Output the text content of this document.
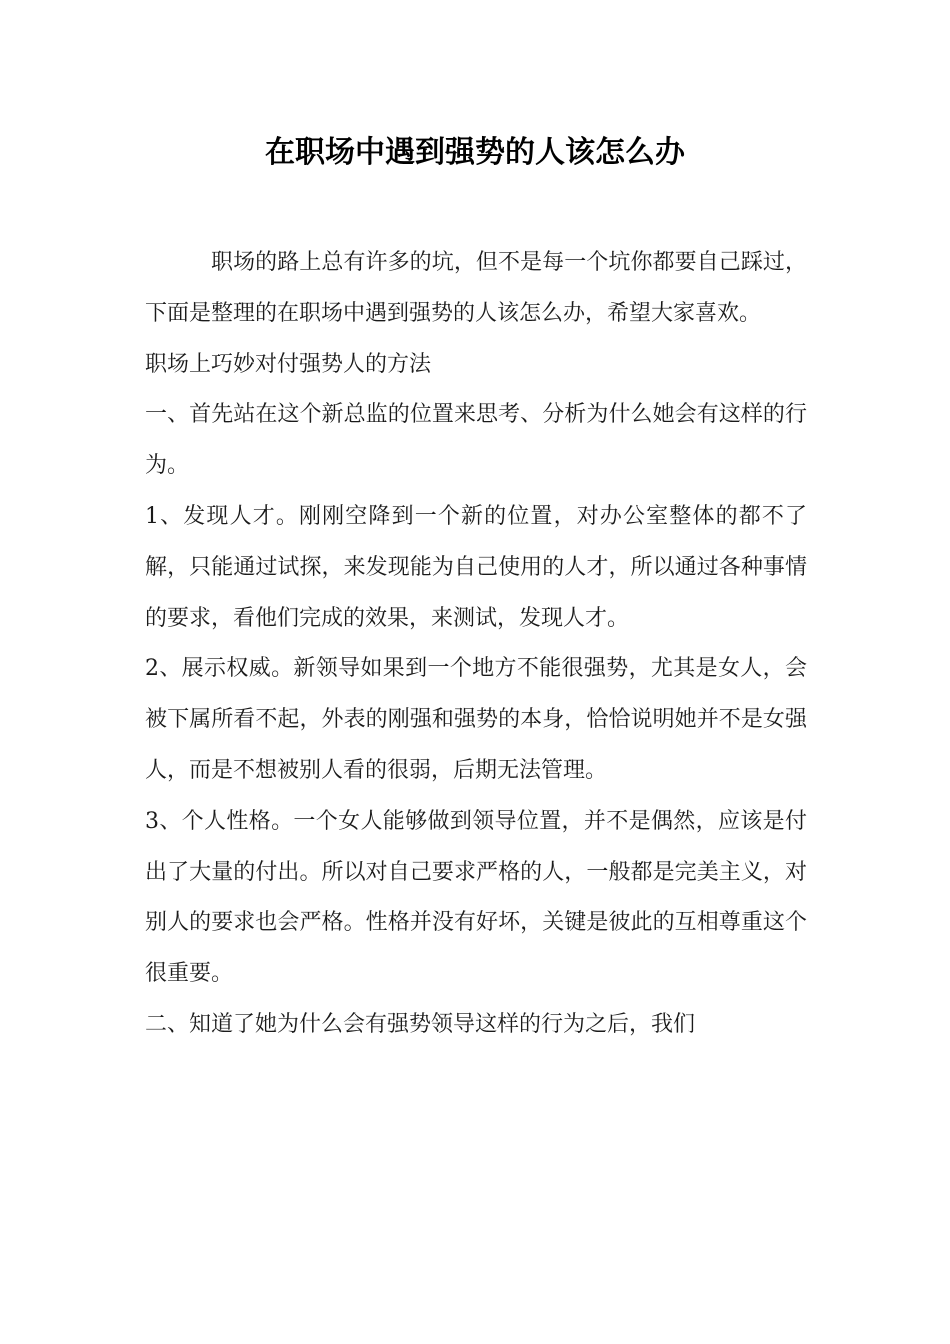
在职场中遇到强势的人该怎么办

职场的路上总有许多的坑，但不是每一个坑你都要自己踩过，下面是整理的在职场中遇到强势的人该怎么办，希望大家喜欢。

职场上巧妙对付强势人的方法

一、首先站在这个新总监的位置来思考、分析为什么她会有这样的行为。

1、发现人才。刚刚空降到一个新的位置，对办公室整体的都不了解，只能通过试探，来发现能为自己使用的人才，所以通过各种事情的要求，看他们完成的效果，来测试，发现人才。

2、展示权威。新领导如果到一个地方不能很强势，尤其是女人，会被下属所看不起，外表的刚强和强势的本身，恰恰说明她并不是女强人，而是不想被别人看的很弱，后期无法管理。

3、个人性格。一个女人能够做到领导位置，并不是偶然，应该是付出了大量的付出。所以对自己要求严格的人，一般都是完美主义，对别人的要求也会严格。性格并没有好坏，关键是彼此的互相尊重这个很重要。

二、知道了她为什么会有强势领导这样的行为之后，我们
